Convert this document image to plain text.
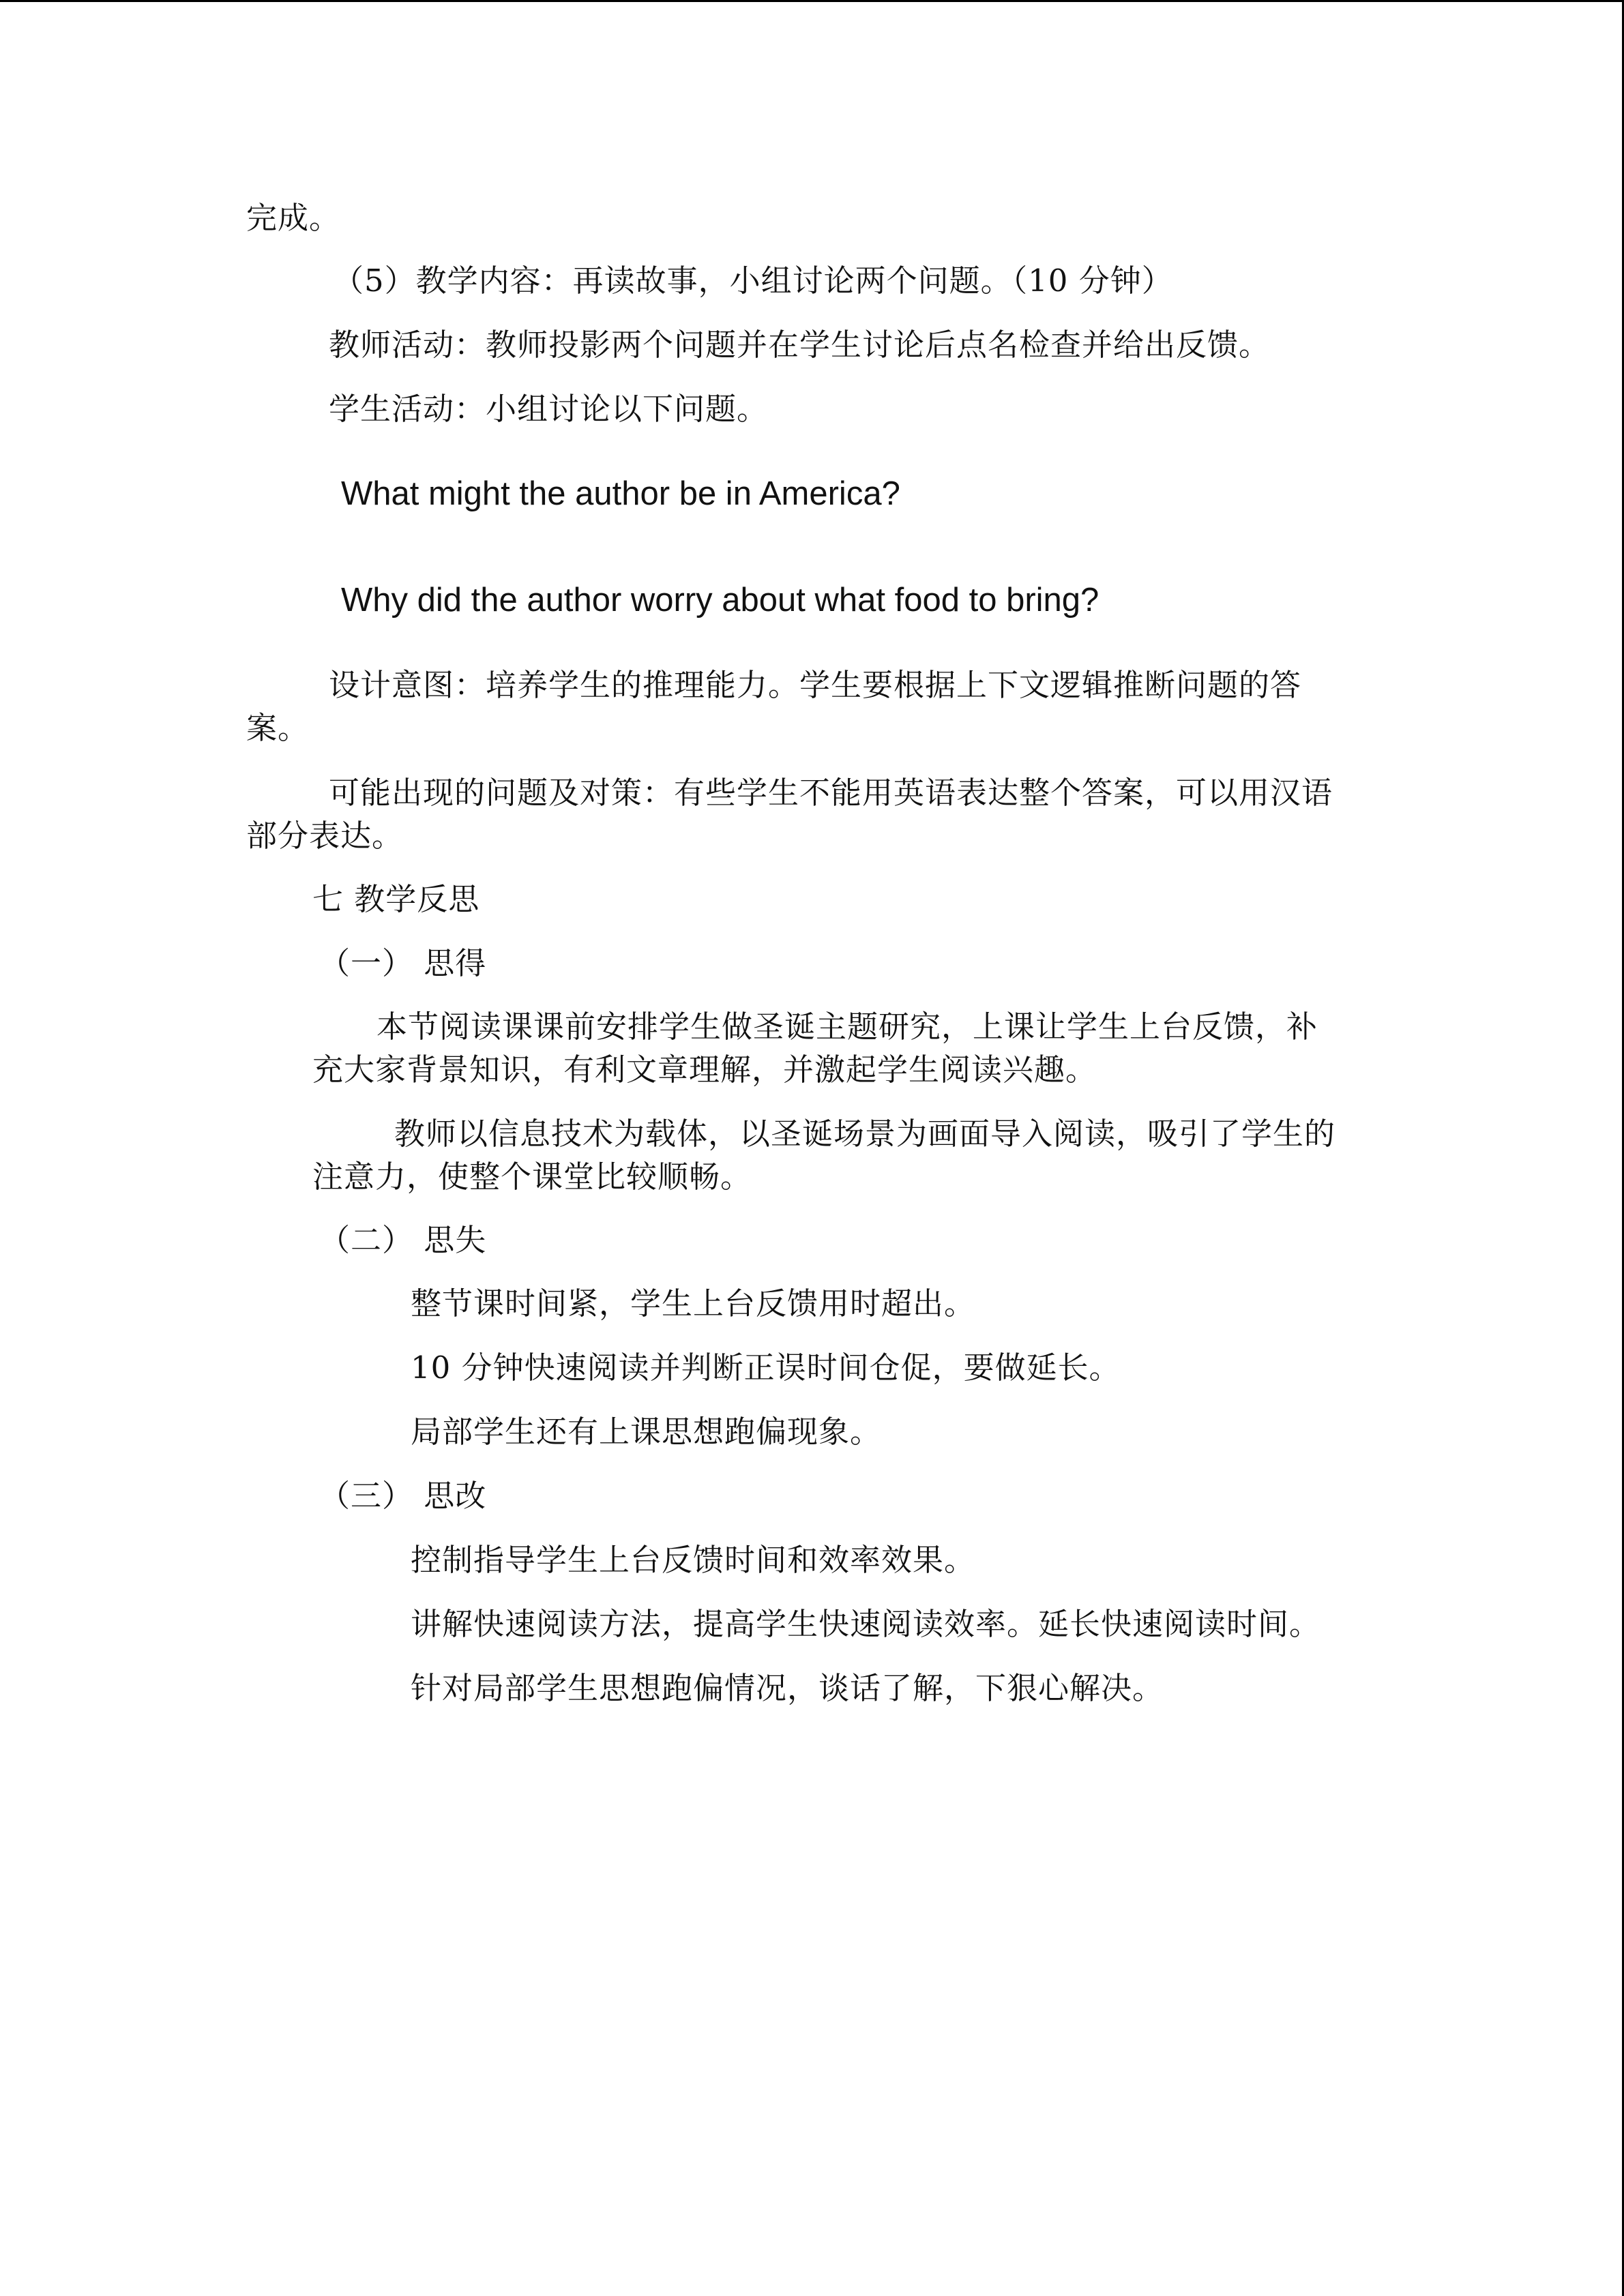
完成。
（5）教学内容：再读故事，小组讨论两个问题。（10 分钟）
教师活动：教师投影两个问题并在学生讨论后点名检查并给出反馈。
学生活动：小组讨论以下问题。
What might the author be in America?
Why did the author worry about what food to bring?
设计意图：培养学生的推理能力。学生要根据上下文逻辑推断问题的答
案。
可能出现的问题及对策：有些学生不能用英语表达整个答案，可以用汉语
部分表达。
七 教学反思
（一） 思得
本节阅读课课前安排学生做圣诞主题研究，上课让学生上台反馈，补
充大家背景知识，有利文章理解，并激起学生阅读兴趣。
教师以信息技术为载体，以圣诞场景为画面导入阅读，吸引了学生的
注意力，使整个课堂比较顺畅。
（二） 思失
整节课时间紧，学生上台反馈用时超出。
10 分钟快速阅读并判断正误时间仓促，要做延长。
局部学生还有上课思想跑偏现象。
（三） 思改
控制指导学生上台反馈时间和效率效果。
讲解快速阅读方法，提高学生快速阅读效率。延长快速阅读时间。
针对局部学生思想跑偏情况，谈话了解，下狠心解决。
